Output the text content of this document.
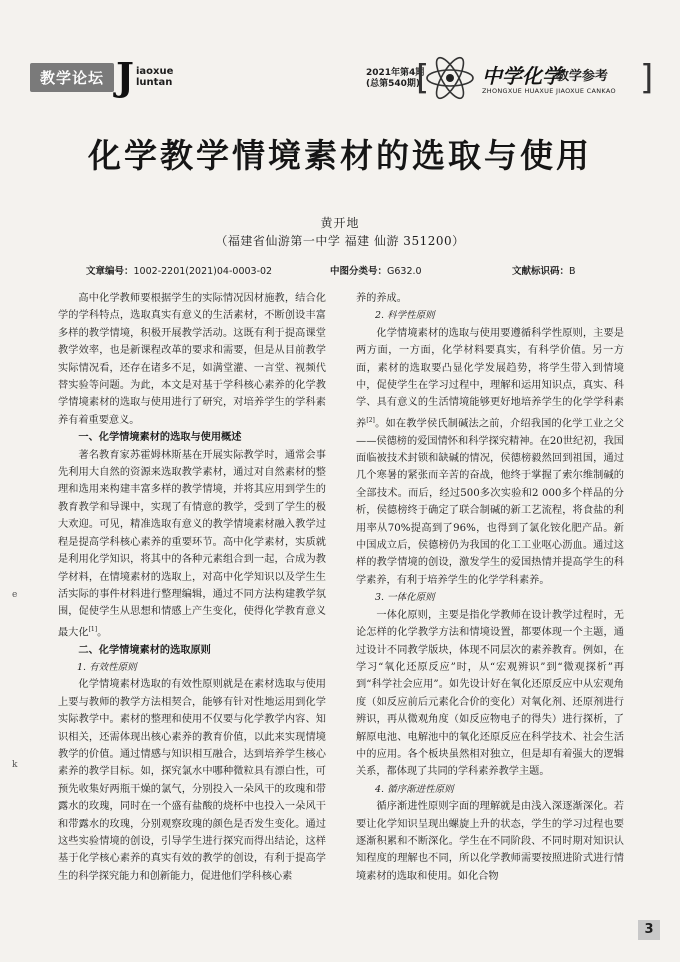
教学论坛 J iaoxue
luntan
2021年第4期
(总第540期)
[	中学化学
教学参考
ZHONGXUE HUAXUE JIAOXUE CANKAO ]
化学教学情境素材的选取与使用
黄开地
（福建省仙游第一中学 福建 仙游 351200）
文章编号：1002-2201(2021)04-0003-02	中图分类号：G632.0	文献标识码：B

高中化学教师要根据学生的实际情况因材施教，结合化学的学科特点，选取真实有意义的生活素材，不断创设丰富多样的教学情境，积极开展教学活动。这既有利于提高课堂教学效率，也是新课程改革的要求和需要，但是从目前教学实际情况看，还存在诸多不足，如满堂灌、一言堂、视频代替实验等问题。为此，本文是对基于学科核心素养的化学教学情境素材的选取与使用进行了研究，对培养学生的学科素养有着重要意义。

一、化学情境素材的选取与使用概述

著名教育家苏霍姆林斯基在开展实际教学时，通常会事先利用大自然的资源来选取教学素材，通过对自然素材的整理和选用来构建丰富多样的教学情境，并将其应用到学生的教育教学和导课中，实现了有情意的教学，受到了学生的极大欢迎。可见，精准选取有意义的教学情境素材融入教学过程是提高学科核心素养的重要环节。高中化学素材，实质就是利用化学知识，将其中的各种元素组合到一起，合成为教学材料，在情境素材的选取上，对高中化学知识以及学生生活实际的事件材料进行整理编辑，通过不同方法构建教学氛围，促使学生从思想和情感上产生变化，使得化学教育意义最大化[1]。

二、化学情境素材的选取原则

1. 有效性原则

化学情境素材选取的有效性原则就是在素材选取与使用上要与教师的教学方法相契合，能够有针对性地运用到化学实际教学中。素材的整理和使用不仅要与化学教学内容、知识相关，还需体现出核心素养的教育价值，以此来实现情境教学的价值。通过情感与知识相互融合，达到培养学生核心素养的教学目标。如，探究氯水中哪种微粒具有漂白性，可预先收集好两瓶干燥的氯气，分别投入一朵风干的玫瑰和带露水的玫瑰，同时在一个盛有盐酸的烧杯中也投入一朵风干和带露水的玫瑰，分别观察玫瑰的颜色是否发生变化。通过这些实验情境的创设，引导学生进行探究而得出结论，这样基于化学核心素养的真实有效的教学的创设，有利于提高学生的科学探究能力和创新能力，促进他们学科核心素

养的养成。

2. 科学性原则

化学情境素材的选取与使用要遵循科学性原则，主要是两方面，一方面，化学材料要真实，有科学价值。另一方面，素材的选取要凸显化学发展趋势，将学生带入到情境中，促使学生在学习过程中，理解和运用知识点，真实、科学、具有意义的生活情境能够更好地培养学生的化学学科素养[2]。如在教学侯氏制碱法之前，介绍我国的化学工业之父——侯德榜的爱国情怀和科学探究精神。在20世纪初，我国面临被技术封锁和缺碱的情况，侯德榜毅然回到祖国，通过几个寒暑的紧张而辛苦的奋战，他终于掌握了索尔维制碱的全部技术。而后，经过500多次实验和2 000多个样品的分析，侯德榜终于确定了联合制碱的新工艺流程，将食盐的利用率从70%提高到了96%，也得到了氯化铵化肥产品。新中国成立后，侯德榜仍为我国的化工工业呕心沥血。通过这样的教学情境的创设，激发学生的爱国热情并提高学生的科学素养，有利于培养学生的化学学科素养。

3. 一体化原则

一体化原则，主要是指化学教师在设计教学过程时，无论怎样的化学教学方法和情境设置，都要体现一个主题，通过设计不同教学版块，体现不同层次的素养教育。例如，在学习“氧化还原反应”时，从“宏观辨识”到“微观探析”再到“科学社会应用”。如先设计好在氧化还原反应中从宏观角度（如反应前后元素化合价的变化）对氧化剂、还原剂进行辨识，再从微观角度（如反应物电子的得失）进行探析，了解原电池、电解池中的氧化还原反应在科学技术、社会生活中的应用。各个板块虽然相对独立，但是却有着强大的逻辑关系，都体现了共同的学科素养教学主题。

4. 循序渐进性原则

循序渐进性原则字面的理解就是由浅入深逐渐深化。若要让化学知识呈现出螺旋上升的状态，学生的学习过程也要逐渐积累和不断深化。学生在不同阶段、不同时期对知识认知程度的理解也不同，所以化学教师需要按照进阶式进行情境素材的选取和使用。如化合物

e
k
3
